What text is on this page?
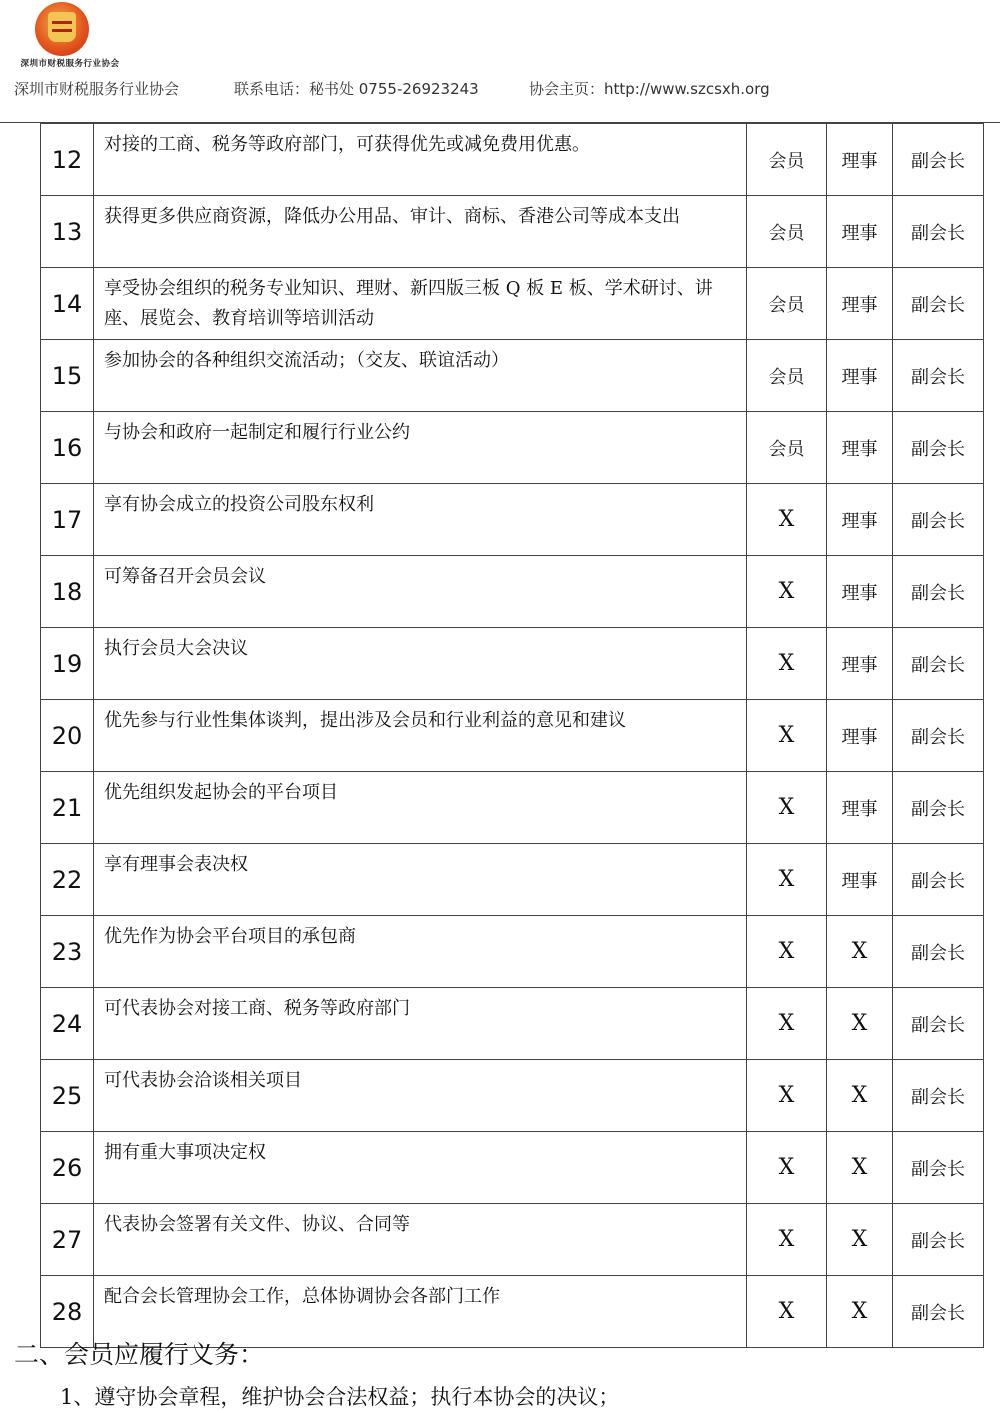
深圳市财税服务行业协会
深圳市财税服务行业协会	联系电话：秘书处 0755-26923243	协会主页：http://www.szcsxh.org
12	对接的工商、税务等政府部门，可获得优先或减免费用优惠。	会员	理事	副会长
13	获得更多供应商资源，降低办公用品、审计、商标、香港公司等成本支出	会员	理事	副会长
14	享受协会组织的税务专业知识、理财、新四版三板 Q 板 E 板、学术研讨、讲座、展览会、教育培训等培训活动	会员	理事	副会长
15	参加协会的各种组织交流活动；（交友、联谊活动）	会员	理事	副会长
16	与协会和政府一起制定和履行行业公约	会员	理事	副会长
17	享有协会成立的投资公司股东权利	X	理事	副会长
18	可筹备召开会员会议	X	理事	副会长
19	执行会员大会决议	X	理事	副会长
20	优先参与行业性集体谈判，提出涉及会员和行业利益的意见和建议	X	理事	副会长
21	优先组织发起协会的平台项目	X	理事	副会长
22	享有理事会表决权	X	理事	副会长
23	优先作为协会平台项目的承包商	X	X	副会长
24	可代表协会对接工商、税务等政府部门	X	X	副会长
25	可代表协会洽谈相关项目	X	X	副会长
26	拥有重大事项决定权	X	X	副会长
27	代表协会签署有关文件、协议、合同等	X	X	副会长
28	配合会长管理协会工作，总体协调协会各部门工作	X	X	副会长
二、会员应履行义务：
1、遵守协会章程，维护协会合法权益；执行本协会的决议；
